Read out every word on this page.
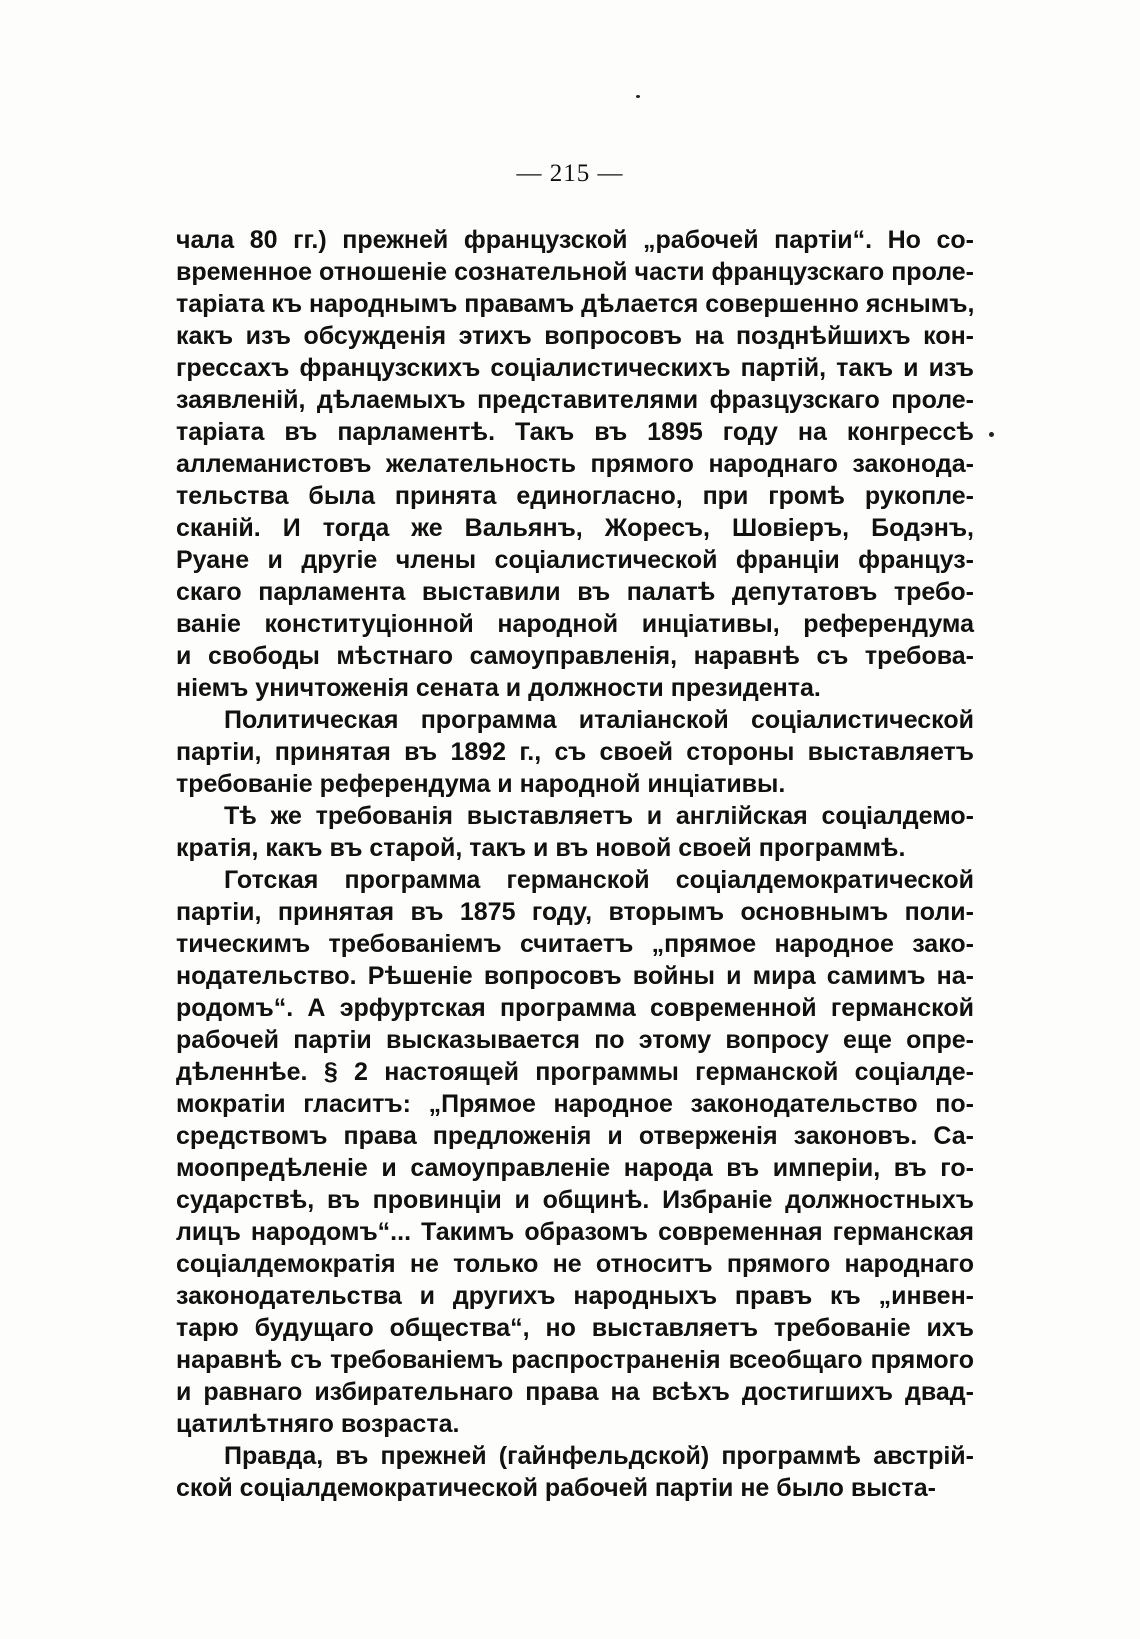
— 215 —
чала 80 гг.) прежней французской „рабочей партіи“. Но со-
временное отношеніе сознательной части французскаго проле-
таріата къ народнымъ правамъ дѣлается совершенно яснымъ,
какъ изъ обсужденія этихъ вопросовъ на позднѣйшихъ кон-
грессахъ французскихъ соціалистическихъ партій, такъ и изъ
заявленій, дѣлаемыхъ представителями фразцузскаго проле-
таріата въ парламентѣ. Такъ въ 1895 году на конгрессѣ
аллеманистовъ желательность прямого народнаго законода-
тельства была принята единогласно, при громѣ рукопле-
сканій. И тогда же Вальянъ, Жоресъ, Шовіеръ, Бодэнъ,
Руане и другіе члены соціалистической франціи француз-
скаго парламента выставили въ палатѣ депутатовъ требо-
ваніе конституціонной народной инціативы, референдума
и свободы мѣстнаго самоуправленія, наравнѣ съ требова-
ніемъ уничтоженія сената и должности президента.
Политическая программа италіанской соціалистической
партіи, принятая въ 1892 г., съ своей стороны выставляетъ
требованіе референдума и народной инціативы.
Тѣ же требованія выставляетъ и англійская соціалдемо-
кратія, какъ въ старой, такъ и въ новой своей программѣ.
Готская программа германской соціалдемократической
партіи, принятая въ 1875 году, вторымъ основнымъ поли-
тическимъ требованіемъ считаетъ „прямое народное зако-
нодательство. Рѣшеніе вопросовъ войны и мира самимъ на-
родомъ“. А эрфуртская программа современной германской
рабочей партіи высказывается по этому вопросу еще опре-
дѣленнѣе. § 2 настоящей программы германской соціалде-
мократіи гласитъ: „Прямое народное законодательство по-
средствомъ права предложенія и отверженія законовъ. Са-
моопредѣленіе и самоуправленіе народа въ имперіи, въ го-
сударствѣ, въ провинціи и общинѣ. Избраніе должностныхъ
лицъ народомъ“... Такимъ образомъ современная германская
соціалдемократія не только не относитъ прямого народнаго
законодательства и другихъ народныхъ правъ къ „инвен-
тарю будущаго общества“, но выставляетъ требованіе ихъ
наравнѣ съ требованіемъ распространенія всеобщаго прямого
и равнаго избирательнаго права на всѣхъ достигшихъ двад-
цатилѣтняго возраста.
Правда, въ прежней (гайнфельдской) программѣ австрій-
ской соціалдемократической рабочей партіи не было выста-
